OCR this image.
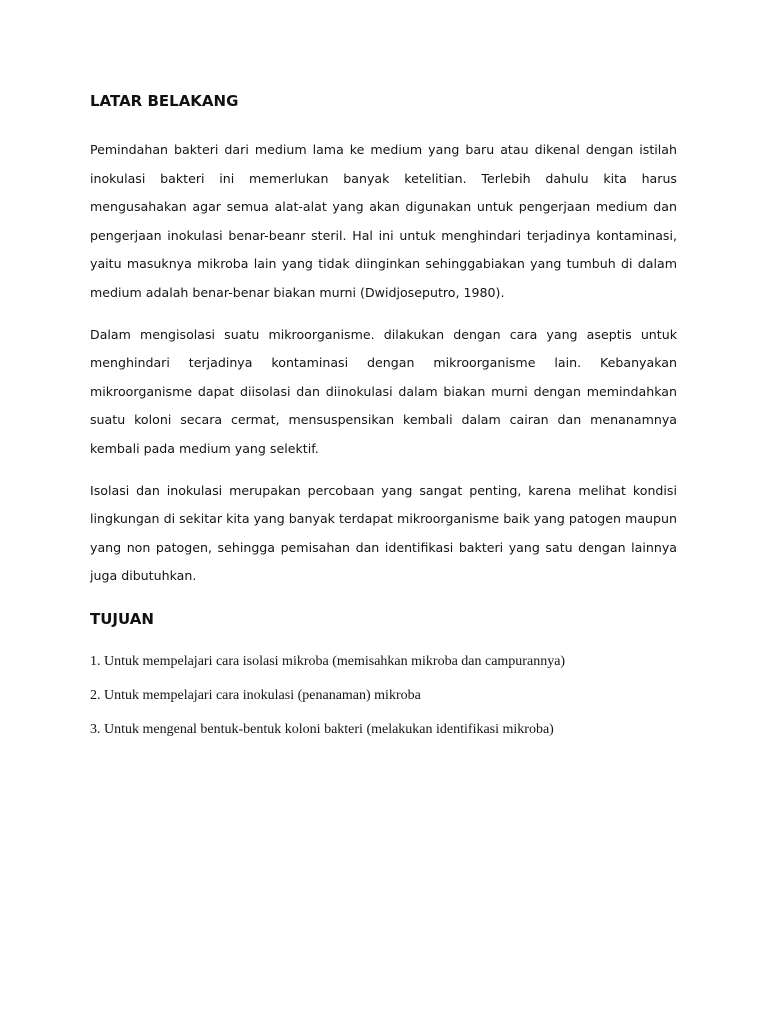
LATAR BELAKANG

Pemindahan bakteri dari medium lama ke medium yang baru atau dikenal dengan istilah inokulasi bakteri ini memerlukan banyak ketelitian. Terlebih dahulu kita harus mengusahakan agar semua alat-alat yang akan digunakan untuk pengerjaan medium dan pengerjaan inokulasi benar-beanr steril. Hal ini untuk menghindari terjadinya kontaminasi, yaitu masuknya mikroba lain yang tidak diinginkan sehinggabiakan yang tumbuh di dalam medium adalah benar-benar biakan murni (Dwidjoseputro, 1980).

Dalam mengisolasi suatu mikroorganisme. dilakukan dengan cara yang aseptis untuk menghindari terjadinya kontaminasi dengan mikroorganisme lain. Kebanyakan mikroorganisme dapat diisolasi dan diinokulasi dalam biakan murni dengan memindahkan suatu koloni secara cermat, mensuspensikan kembali dalam cairan dan menanamnya kembali pada medium yang selektif.

Isolasi dan inokulasi merupakan percobaan yang sangat penting, karena melihat kondisi lingkungan di sekitar kita yang banyak terdapat mikroorganisme baik yang patogen maupun yang non patogen, sehingga pemisahan dan identifikasi bakteri yang satu dengan lainnya juga dibutuhkan.

TUJUAN
1. Untuk mempelajari cara isolasi mikroba (memisahkan mikroba dan campurannya)
2. Untuk mempelajari cara inokulasi (penanaman) mikroba
3. Untuk mengenal bentuk-bentuk koloni bakteri (melakukan identifikasi mikroba)
